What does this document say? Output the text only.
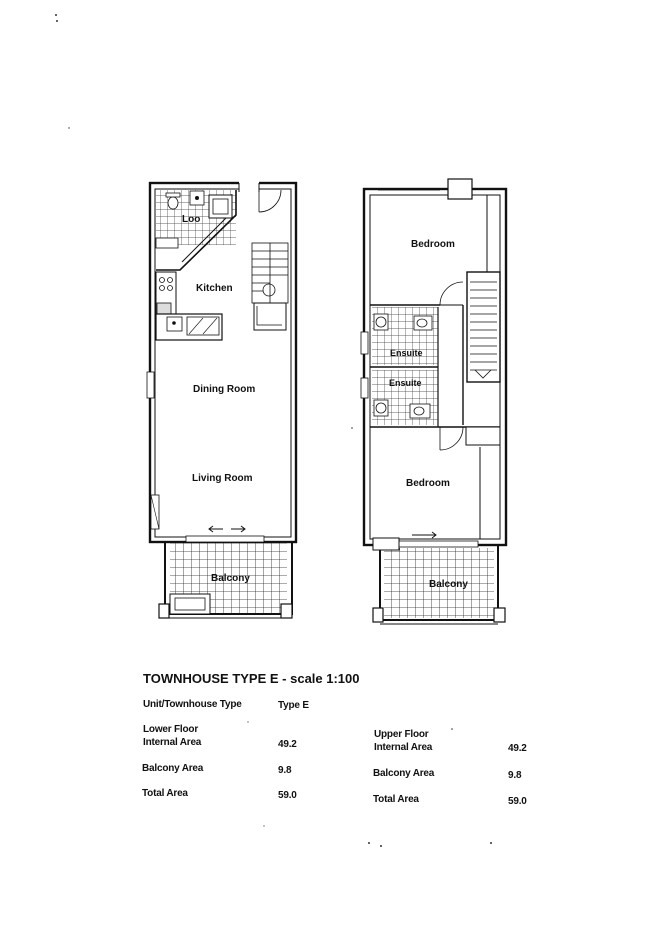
Loo
Kitchen
Dining Room
Living Room
Balcony
Bedroom
Ensuite
Ensuite
Bedroom
Balcony
TOWNHOUSE TYPE E - scale 1:100
Unit/Townhouse Type	Type E
Lower Floor
Internal Area	49.2
Balcony Area	9.8
Total Area	59.0
Upper Floor
Internal Area	49.2
Balcony Area	9.8
Total Area	59.0
